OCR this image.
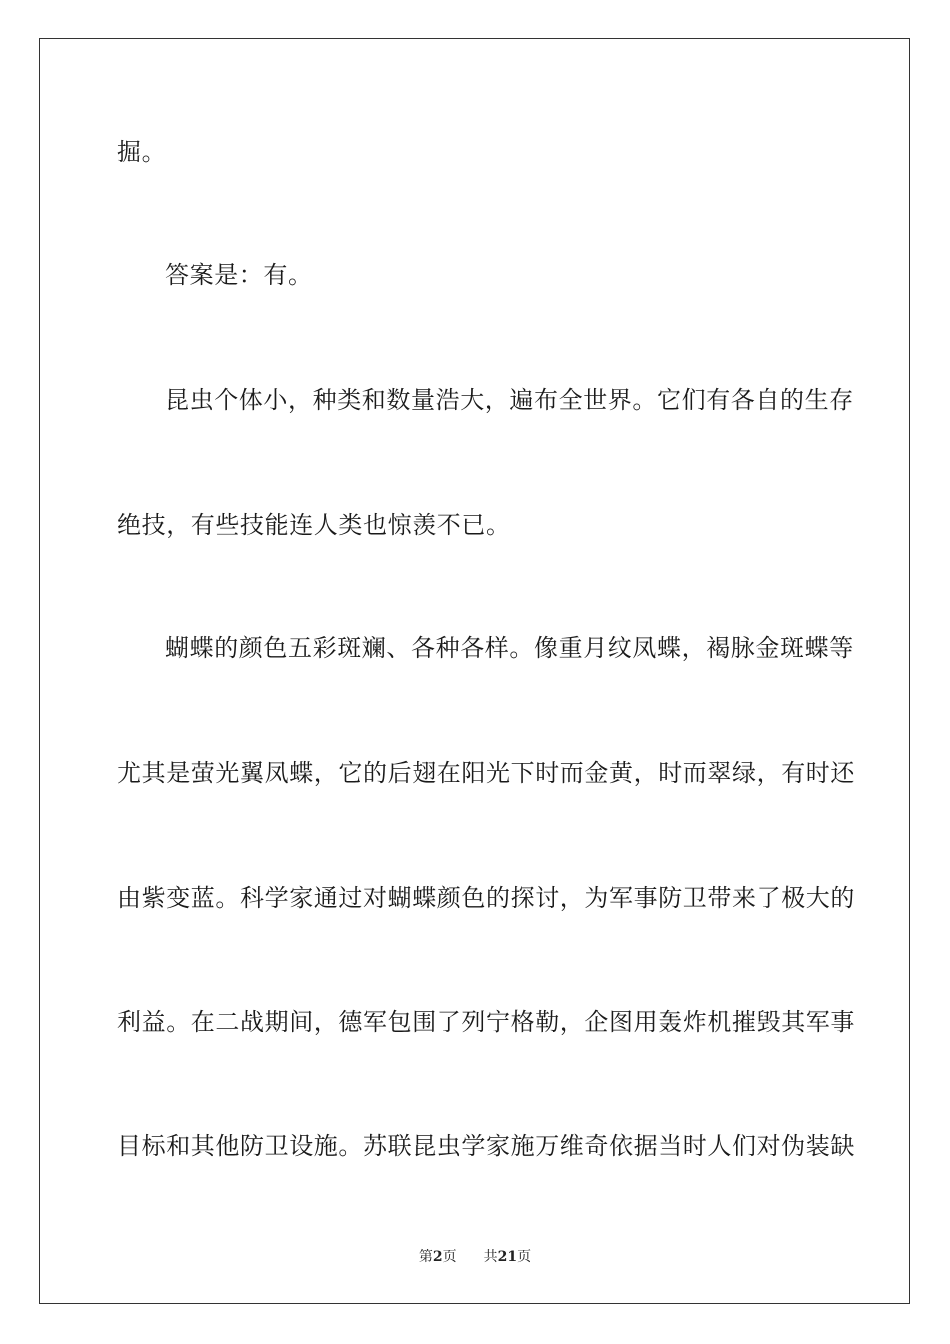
掘。
答案是：有。
昆虫个体小，种类和数量浩大，遍布全世界。它们有各自的生存
绝技，有些技能连人类也惊羡不已。
蝴蝶的颜色五彩斑斓、各种各样。像重月纹凤蝶，褐脉金斑蝶等
尤其是萤光翼凤蝶，它的后翅在阳光下时而金黄，时而翠绿，有时还
由紫变蓝。科学家通过对蝴蝶颜色的探讨，为军事防卫带来了极大的
利益。在二战期间，德军包围了列宁格勒，企图用轰炸机摧毁其军事
目标和其他防卫设施。苏联昆虫学家施万维奇依据当时人们对伪装缺
第2页 共21页
